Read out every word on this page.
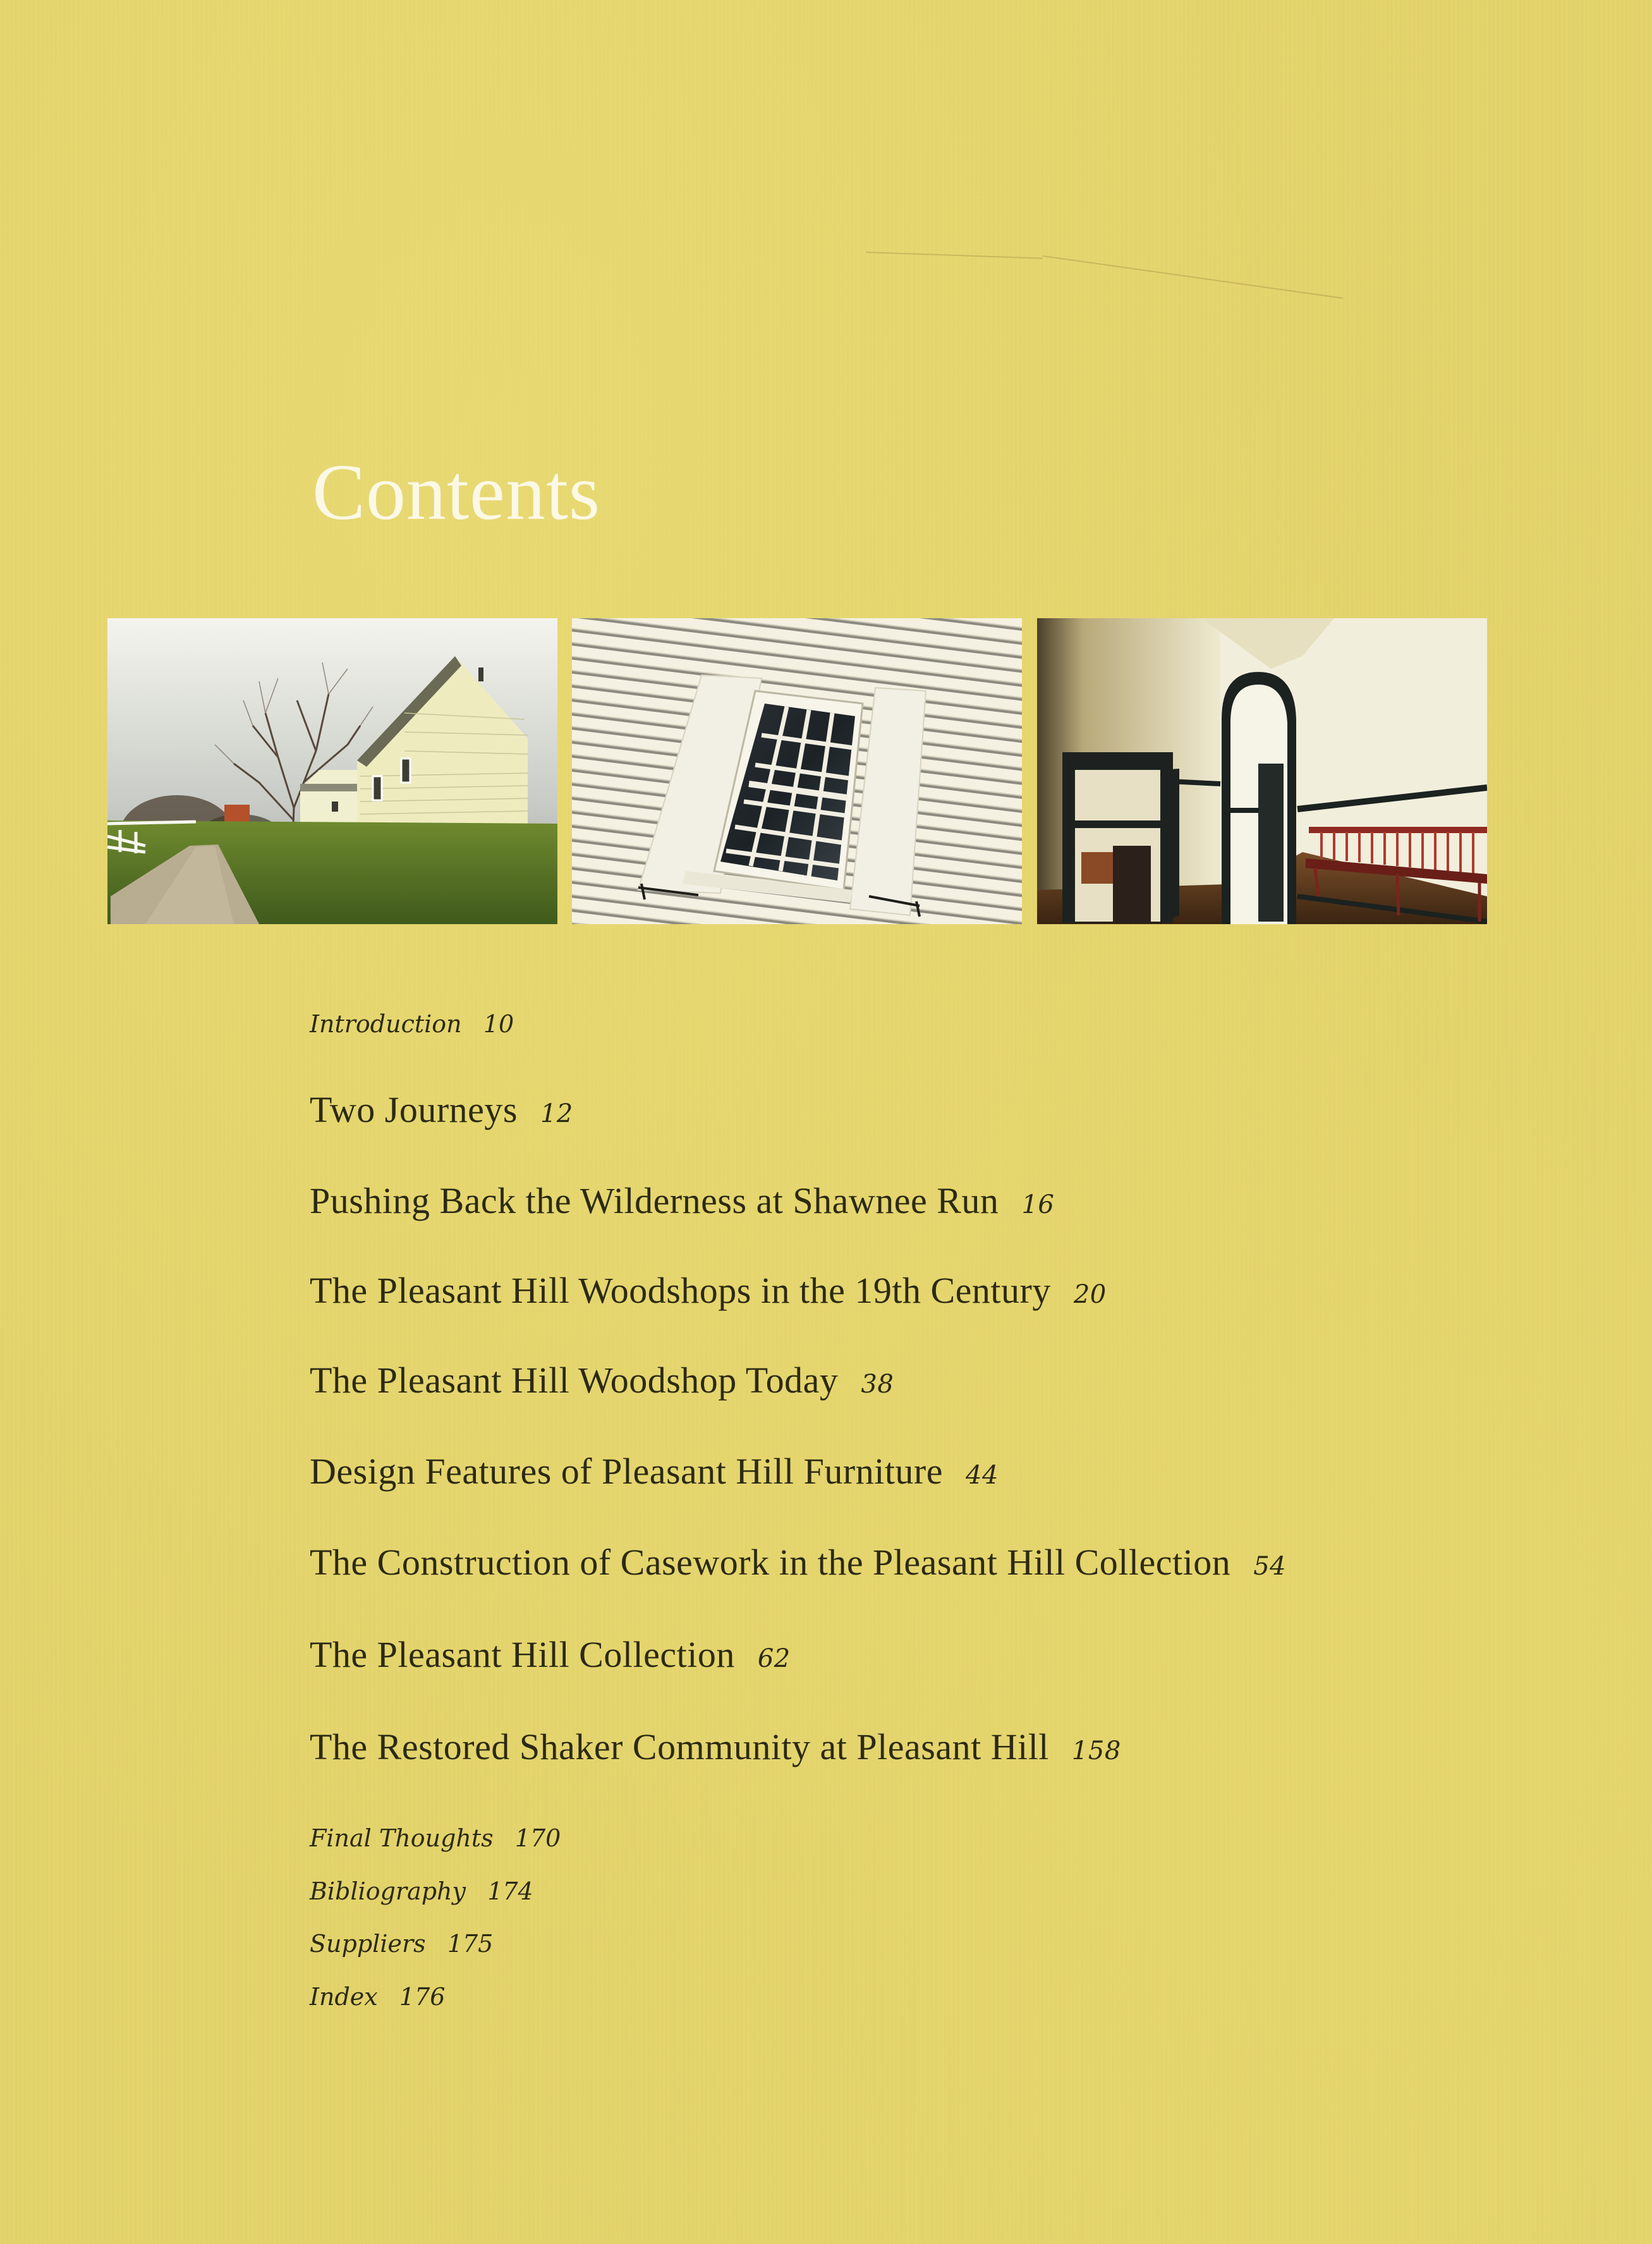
Contents
Introduction 10
Two Journeys 12
Pushing Back the Wilderness at Shawnee Run 16
The Pleasant Hill Woodshops in the 19th Century 20
The Pleasant Hill Woodshop Today 38
Design Features of Pleasant Hill Furniture 44
The Construction of Casework in the Pleasant Hill Collection 54
The Pleasant Hill Collection 62
The Restored Shaker Community at Pleasant Hill 158
Final Thoughts 170
Bibliography 174
Suppliers 175
Index 176
